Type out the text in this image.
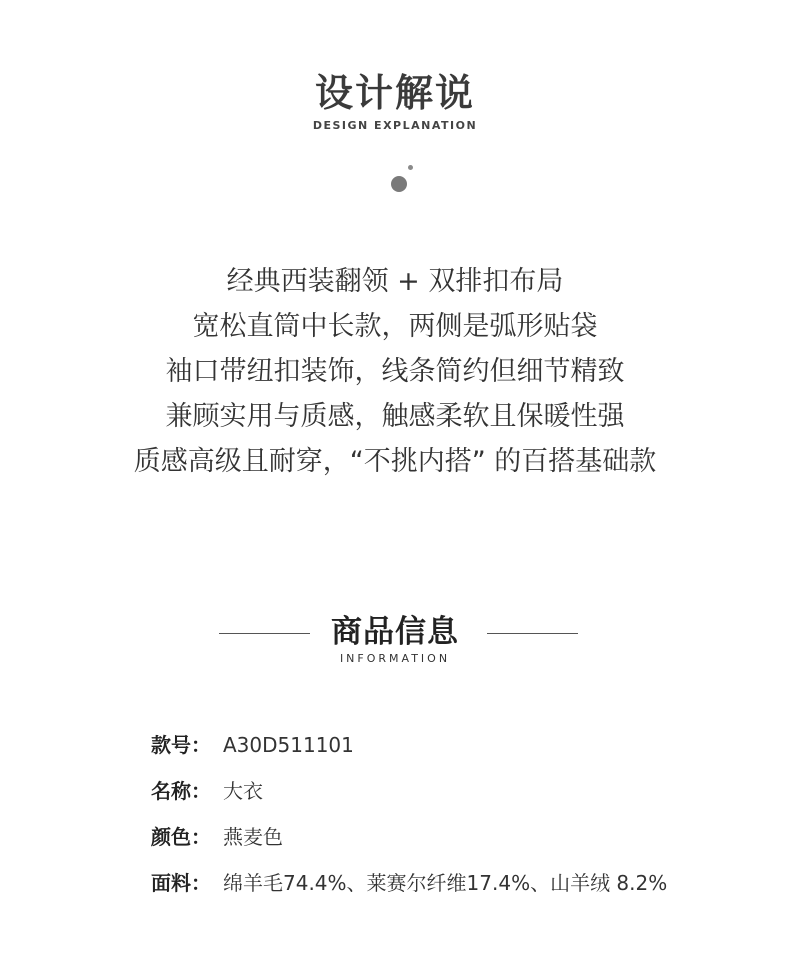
设计解说
DESIGN EXPLANATION
经典西装翻领 + 双排扣布局
宽松直筒中长款，两侧是弧形贴袋
袖口带纽扣装饰，线条简约但细节精致
兼顾实用与质感，触感柔软且保暖性强
质感高级且耐穿，“不挑内搭” 的百搭基础款
商品信息
INFORMATION
款号： A30D511101
名称： 大衣
颜色： 燕麦色
面料： 绵羊毛74.4%、莱赛尔纤维17.4%、山羊绒 8.2%
